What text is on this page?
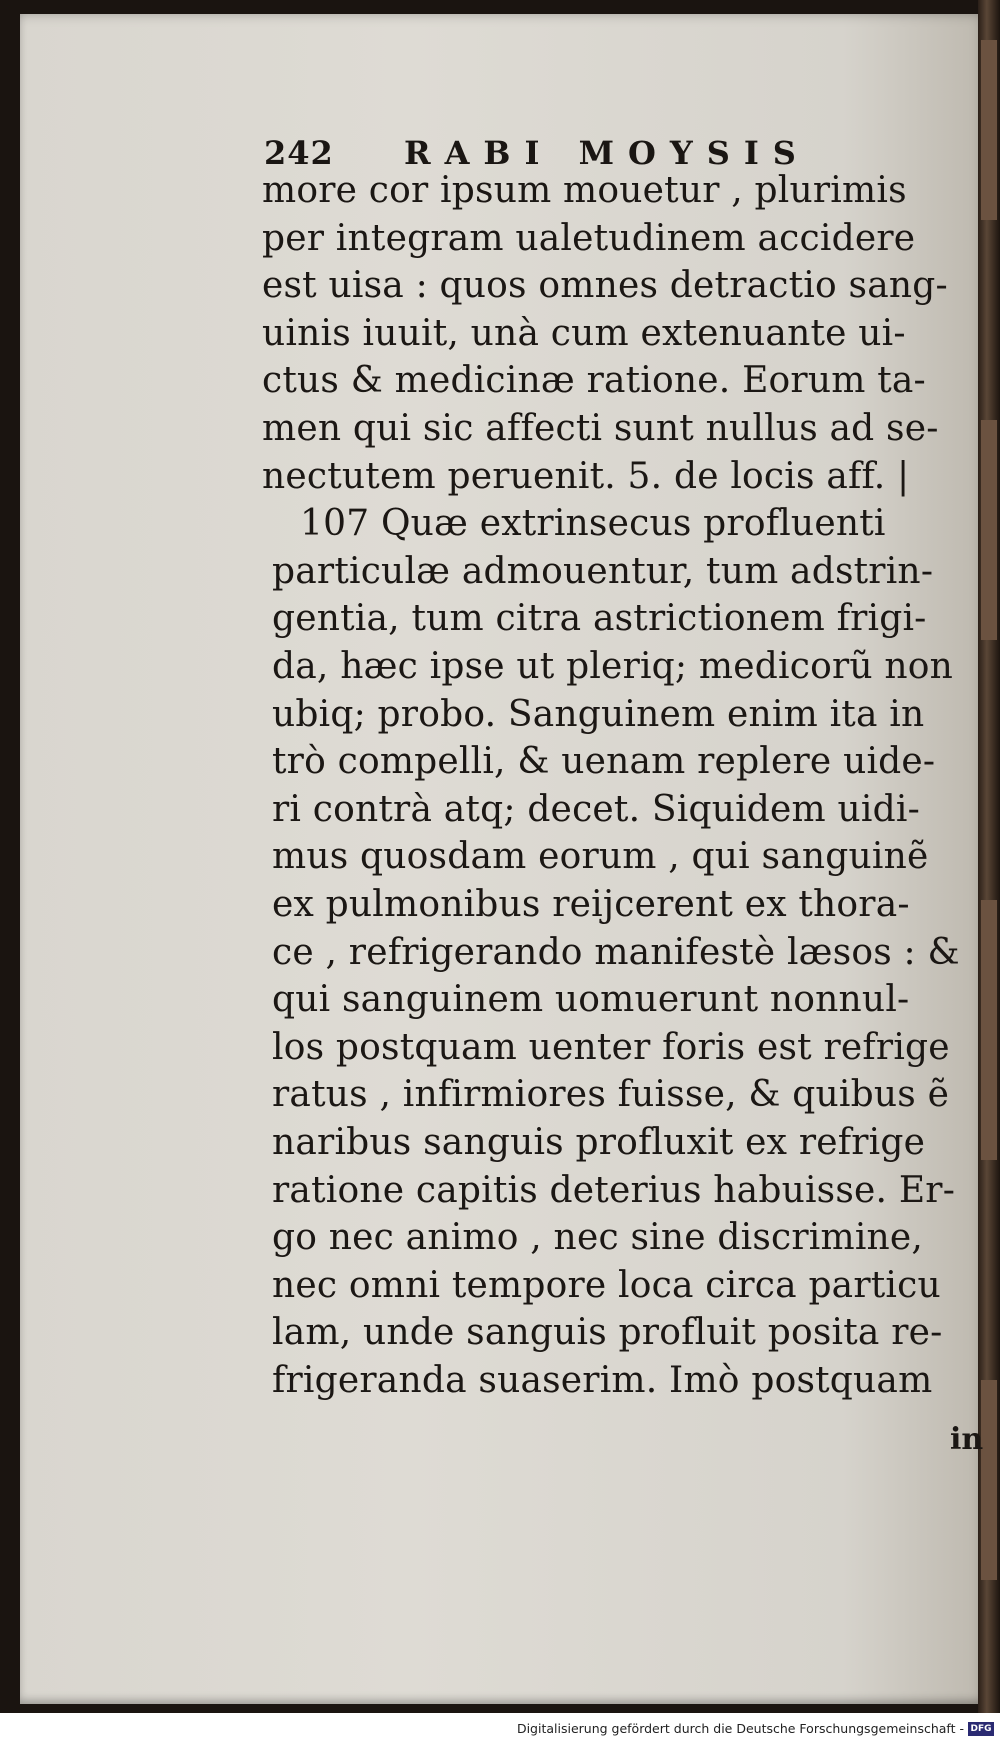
242 RABI MOYSIS
more cor ipsum mouetur , plurimis
per integram ualetudinem accidere
est uisa : quos omnes detractio sang-
uinis iuuit, unà cum extenuante ui-
ctus & medicinæ ratione. Eorum ta-
men qui sic affecti sunt nullus ad se-
nectutem peruenit. 5. de locis aff. |
107 Quæ extrinsecus profluenti
particulæ admouentur, tum adstrin-
gentia, tum citra astrictionem frigi-
da, hæc ipse ut pleriq; medicorũ non
ubiq; probo. Sanguinem enim ita in
trò compelli, & uenam replere uide-
ri contrà atq; decet. Siquidem uidi-
mus quosdam eorum , qui sanguinẽ
ex pulmonibus reijcerent ex thora-
ce , refrigerando manifestè læsos : &
qui sanguinem uomuerunt nonnul-
los postquam uenter foris est refrige
ratus , infirmiores fuisse, & quibus ẽ
naribus sanguis profluxit ex refrige
ratione capitis deterius habuisse. Er-
go nec animo , nec sine discrimine,
nec omni tempore loca circa particu
lam, unde sanguis profluit posita re-
frigeranda suaserim. Imò postquam
in
Digitalisierung gefördert durch die Deutsche Forschungsgemeinschaft - DFG
